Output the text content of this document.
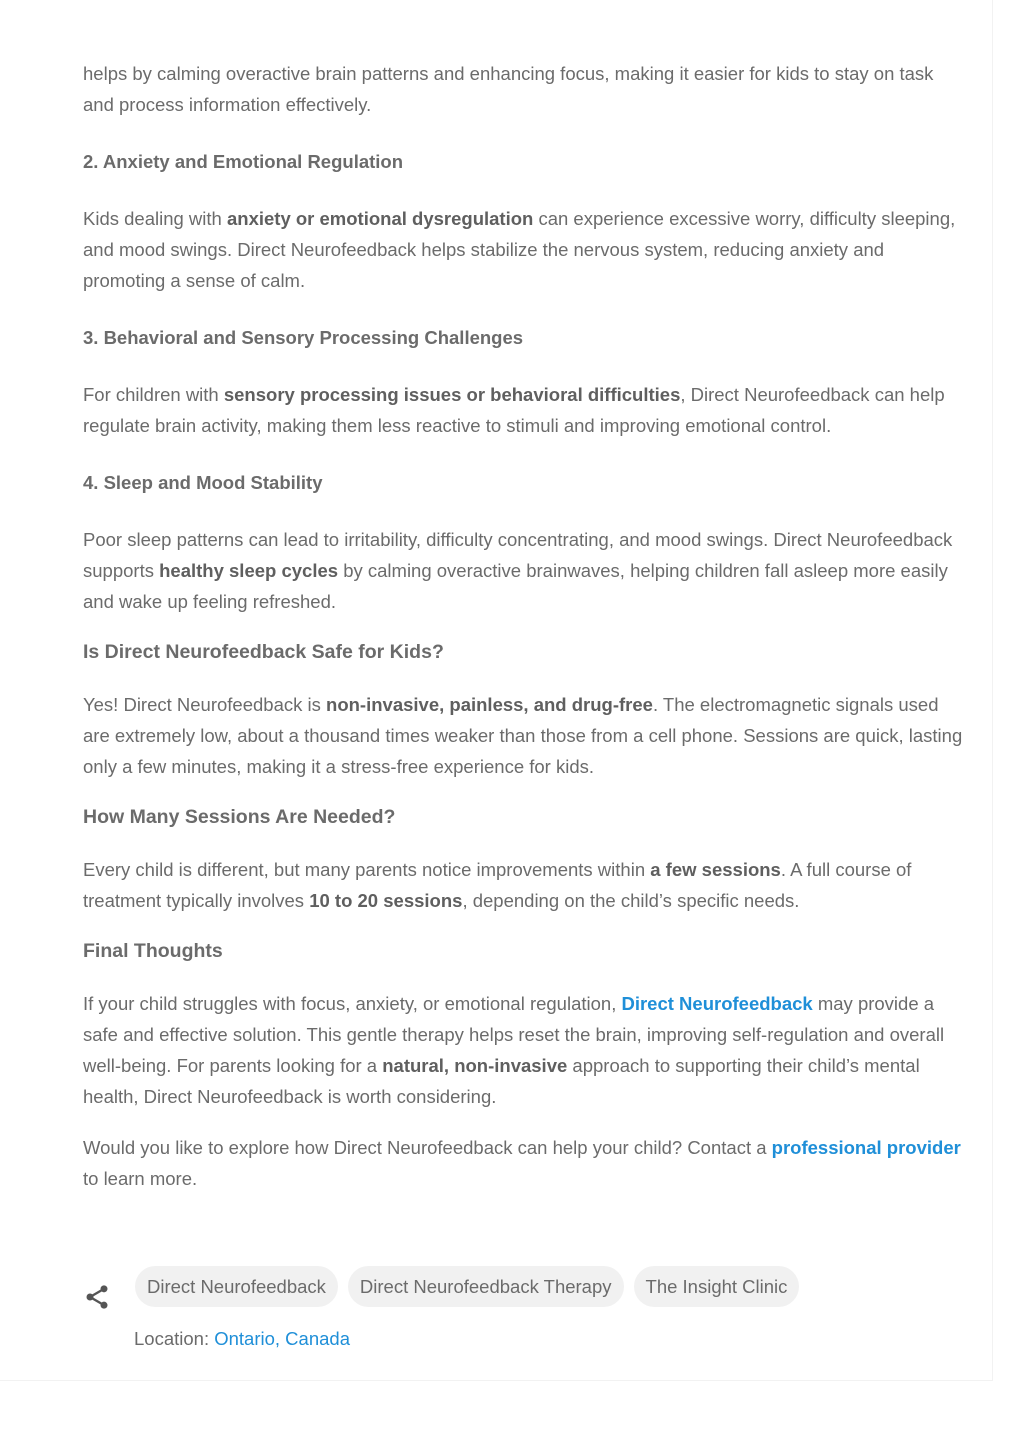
helps by calming overactive brain patterns and enhancing focus, making it easier for kids to stay on task and process information effectively.

2. Anxiety and Emotional Regulation

Kids dealing with anxiety or emotional dysregulation can experience excessive worry, difficulty sleeping, and mood swings. Direct Neurofeedback helps stabilize the nervous system, reducing anxiety and promoting a sense of calm.

3. Behavioral and Sensory Processing Challenges

For children with sensory processing issues or behavioral difficulties, Direct Neurofeedback can help regulate brain activity, making them less reactive to stimuli and improving emotional control.

4. Sleep and Mood Stability

Poor sleep patterns can lead to irritability, difficulty concentrating, and mood swings. Direct Neurofeedback supports healthy sleep cycles by calming overactive brainwaves, helping children fall asleep more easily and wake up feeling refreshed.

Is Direct Neurofeedback Safe for Kids?

Yes! Direct Neurofeedback is non-invasive, painless, and drug-free. The electromagnetic signals used are extremely low, about a thousand times weaker than those from a cell phone. Sessions are quick, lasting only a few minutes, making it a stress-free experience for kids.

How Many Sessions Are Needed?

Every child is different, but many parents notice improvements within a few sessions. A full course of treatment typically involves 10 to 20 sessions, depending on the child’s specific needs.

Final Thoughts

If your child struggles with focus, anxiety, or emotional regulation, Direct Neurofeedback may provide a safe and effective solution. This gentle therapy helps reset the brain, improving self-regulation and overall well-being. For parents looking for a natural, non-invasive approach to supporting their child’s mental health, Direct Neurofeedback is worth considering.

Would you like to explore how Direct Neurofeedback can help your child? Contact a professional provider to learn more.

Direct Neurofeedback	Direct Neurofeedback Therapy	The Insight Clinic
Location: Ontario, Canada
